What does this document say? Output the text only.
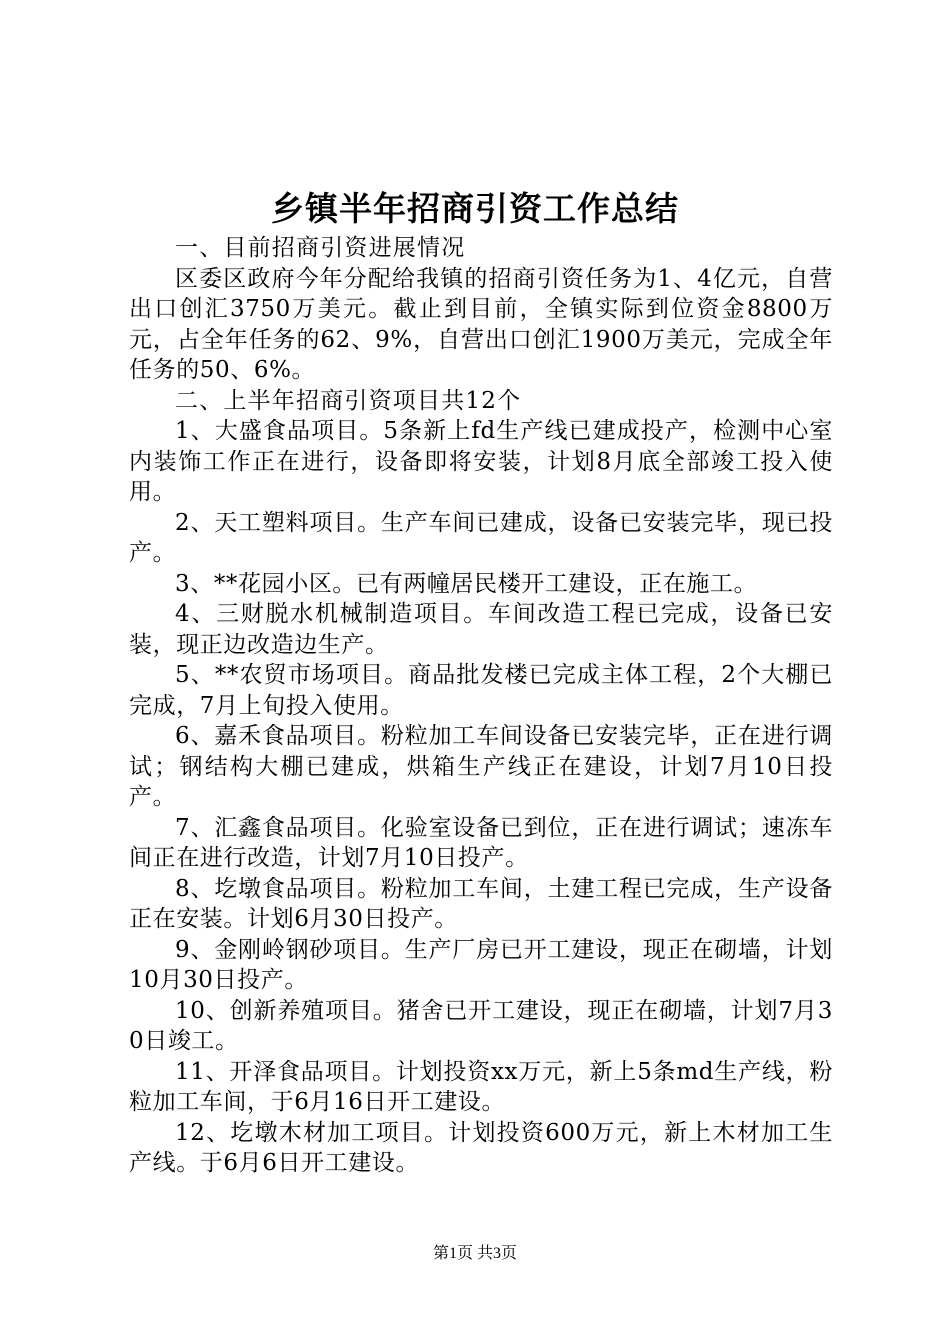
乡镇半年招商引资工作总结

一、目前招商引资进展情况

区委区政府今年分配给我镇的招商引资任务为1、4亿元，自营出口创汇3750万美元。截止到目前，全镇实际到位资金8800万元，占全年任务的62、9%，自营出口创汇1900万美元，完成全年任务的50、6%。

二、上半年招商引资项目共12个

1、大盛食品项目。5条新上fd生产线已建成投产，检测中心室内装饰工作正在进行，设备即将安装，计划8月底全部竣工投入使用。

2、天工塑料项目。生产车间已建成，设备已安装完毕，现已投产。

3、**花园小区。已有两幢居民楼开工建设，正在施工。

4、三财脱水机械制造项目。车间改造工程已完成，设备已安装，现正边改造边生产。

5、**农贸市场项目。商品批发楼已完成主体工程，2个大棚已完成，7月上旬投入使用。

6、嘉禾食品项目。粉粒加工车间设备已安装完毕，正在进行调试；钢结构大棚已建成，烘箱生产线正在建设，计划7月10日投产。

7、汇鑫食品项目。化验室设备已到位，正在进行调试；速冻车间正在进行改造，计划7月10日投产。

8、圪墩食品项目。粉粒加工车间，土建工程已完成，生产设备正在安装。计划6月30日投产。

9、金刚岭钢砂项目。生产厂房已开工建设，现正在砌墙，计划10月30日投产。

10、创新养殖项目。猪舍已开工建设，现正在砌墙，计划7月30日竣工。

11、开泽食品项目。计划投资xx万元，新上5条md生产线，粉粒加工车间，于6月16日开工建设。

12、圪墩木材加工项目。计划投资600万元，新上木材加工生产线。于6月6日开工建设。

第1页 共3页
